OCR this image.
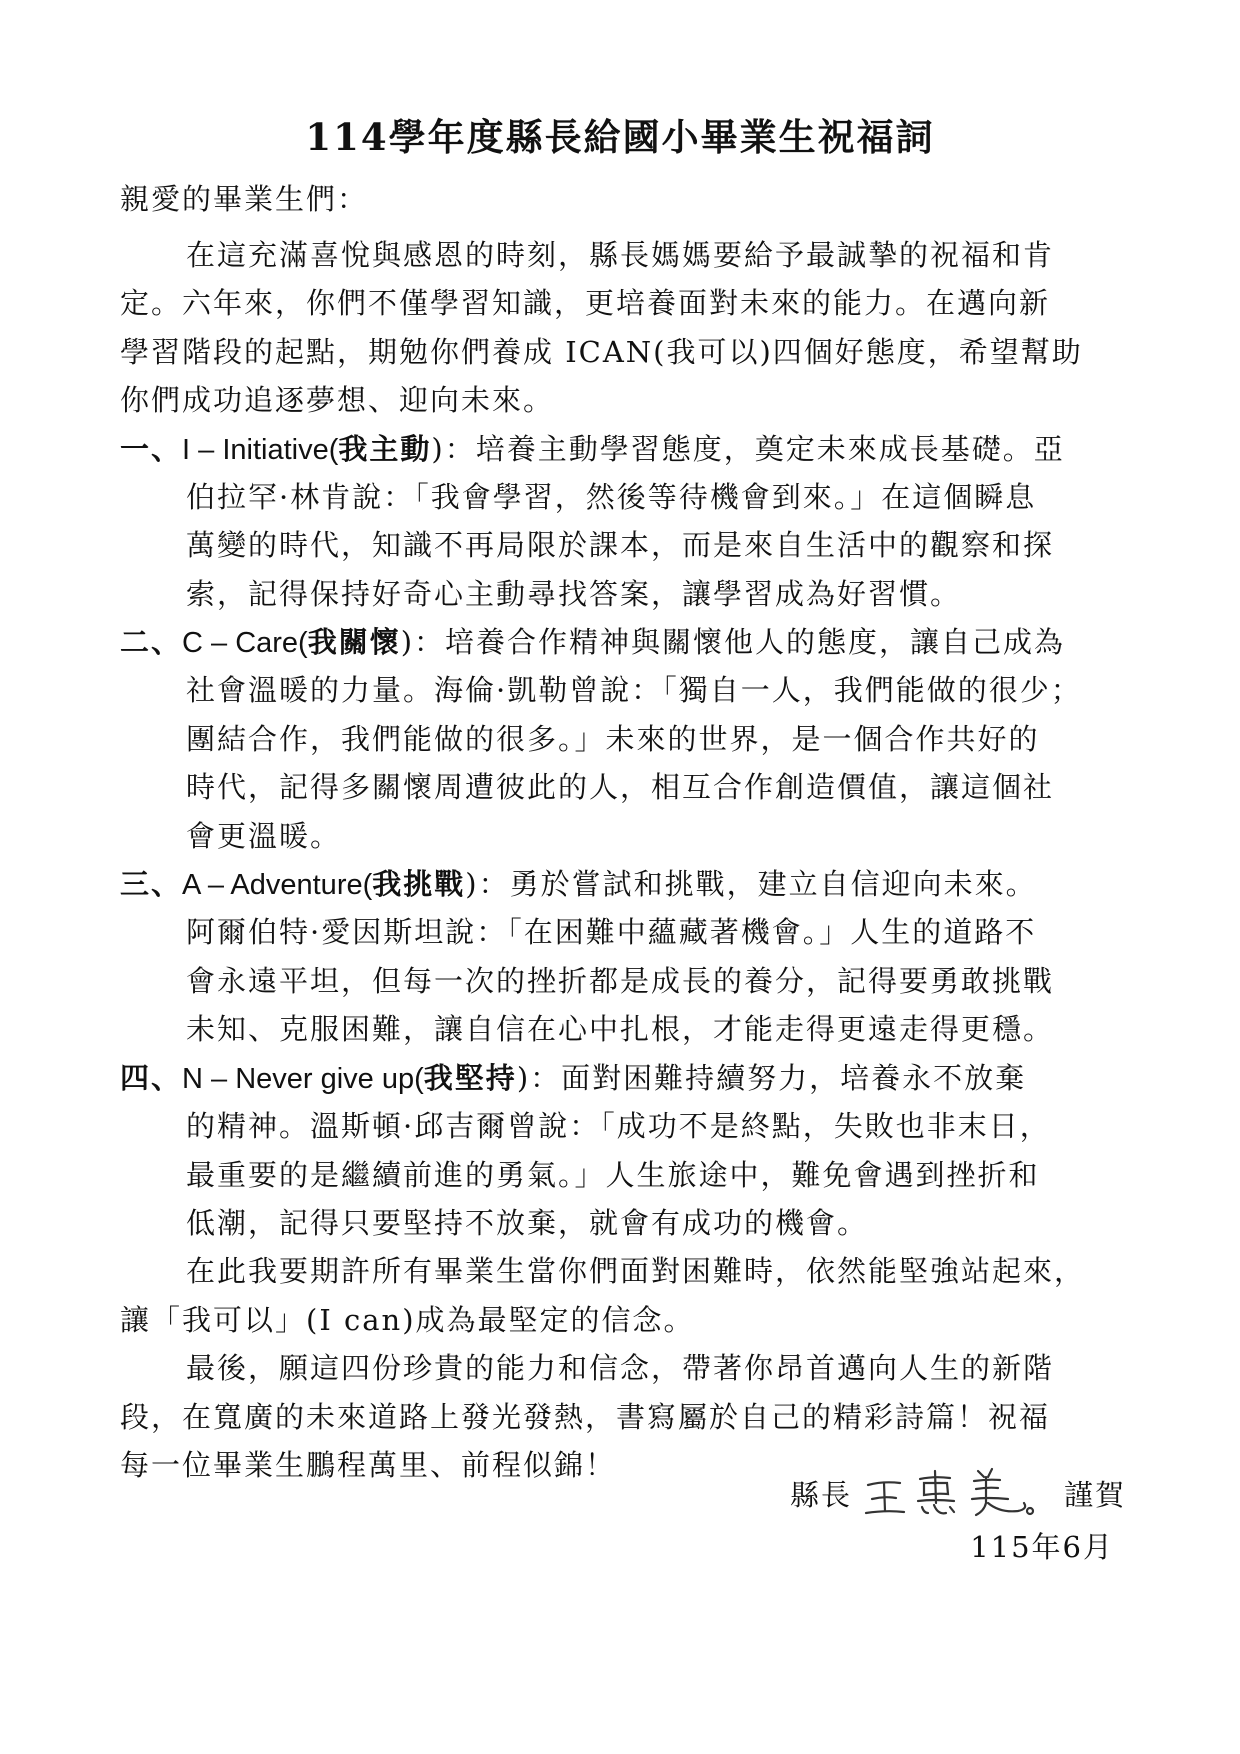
114學年度縣長給國小畢業生祝福詞
親愛的畢業生們：
在這充滿喜悅與感恩的時刻，縣長媽媽要給予最誠摯的祝福和肯
定。六年來，你們不僅學習知識，更培養面對未來的能力。在邁向新
學習階段的起點，期勉你們養成 ICAN(我可以)四個好態度，希望幫助
你們成功追逐夢想、迎向未來。
一、I – Initiative(我主動)：培養主動學習態度，奠定未來成長基礎。亞
伯拉罕·林肯說：「我會學習，然後等待機會到來。」在這個瞬息
萬變的時代，知識不再局限於課本，而是來自生活中的觀察和探
索，記得保持好奇心主動尋找答案，讓學習成為好習慣。
二、C – Care(我關懷)：培養合作精神與關懷他人的態度，讓自己成為
社會溫暖的力量。海倫·凱勒曾說：「獨自一人，我們能做的很少；
團結合作，我們能做的很多。」未來的世界，是一個合作共好的
時代，記得多關懷周遭彼此的人，相互合作創造價值，讓這個社
會更溫暖。
三、A – Adventure(我挑戰)：勇於嘗試和挑戰，建立自信迎向未來。
阿爾伯特·愛因斯坦說：「在困難中蘊藏著機會。」人生的道路不
會永遠平坦，但每一次的挫折都是成長的養分，記得要勇敢挑戰
未知、克服困難，讓自信在心中扎根，才能走得更遠走得更穩。
四、N – Never give up(我堅持)：面對困難持續努力，培養永不放棄
的精神。溫斯頓·邱吉爾曾說：「成功不是終點，失敗也非末日，
最重要的是繼續前進的勇氣。」人生旅途中，難免會遇到挫折和
低潮，記得只要堅持不放棄，就會有成功的機會。
在此我要期許所有畢業生當你們面對困難時，依然能堅強站起來，
讓「我可以」(I can)成為最堅定的信念。
最後，願這四份珍貴的能力和信念，帶著你昂首邁向人生的新階
段，在寬廣的未來道路上發光發熱，書寫屬於自己的精彩詩篇！祝福
每一位畢業生鵬程萬里、前程似錦！
縣長	謹賀
115年6月
